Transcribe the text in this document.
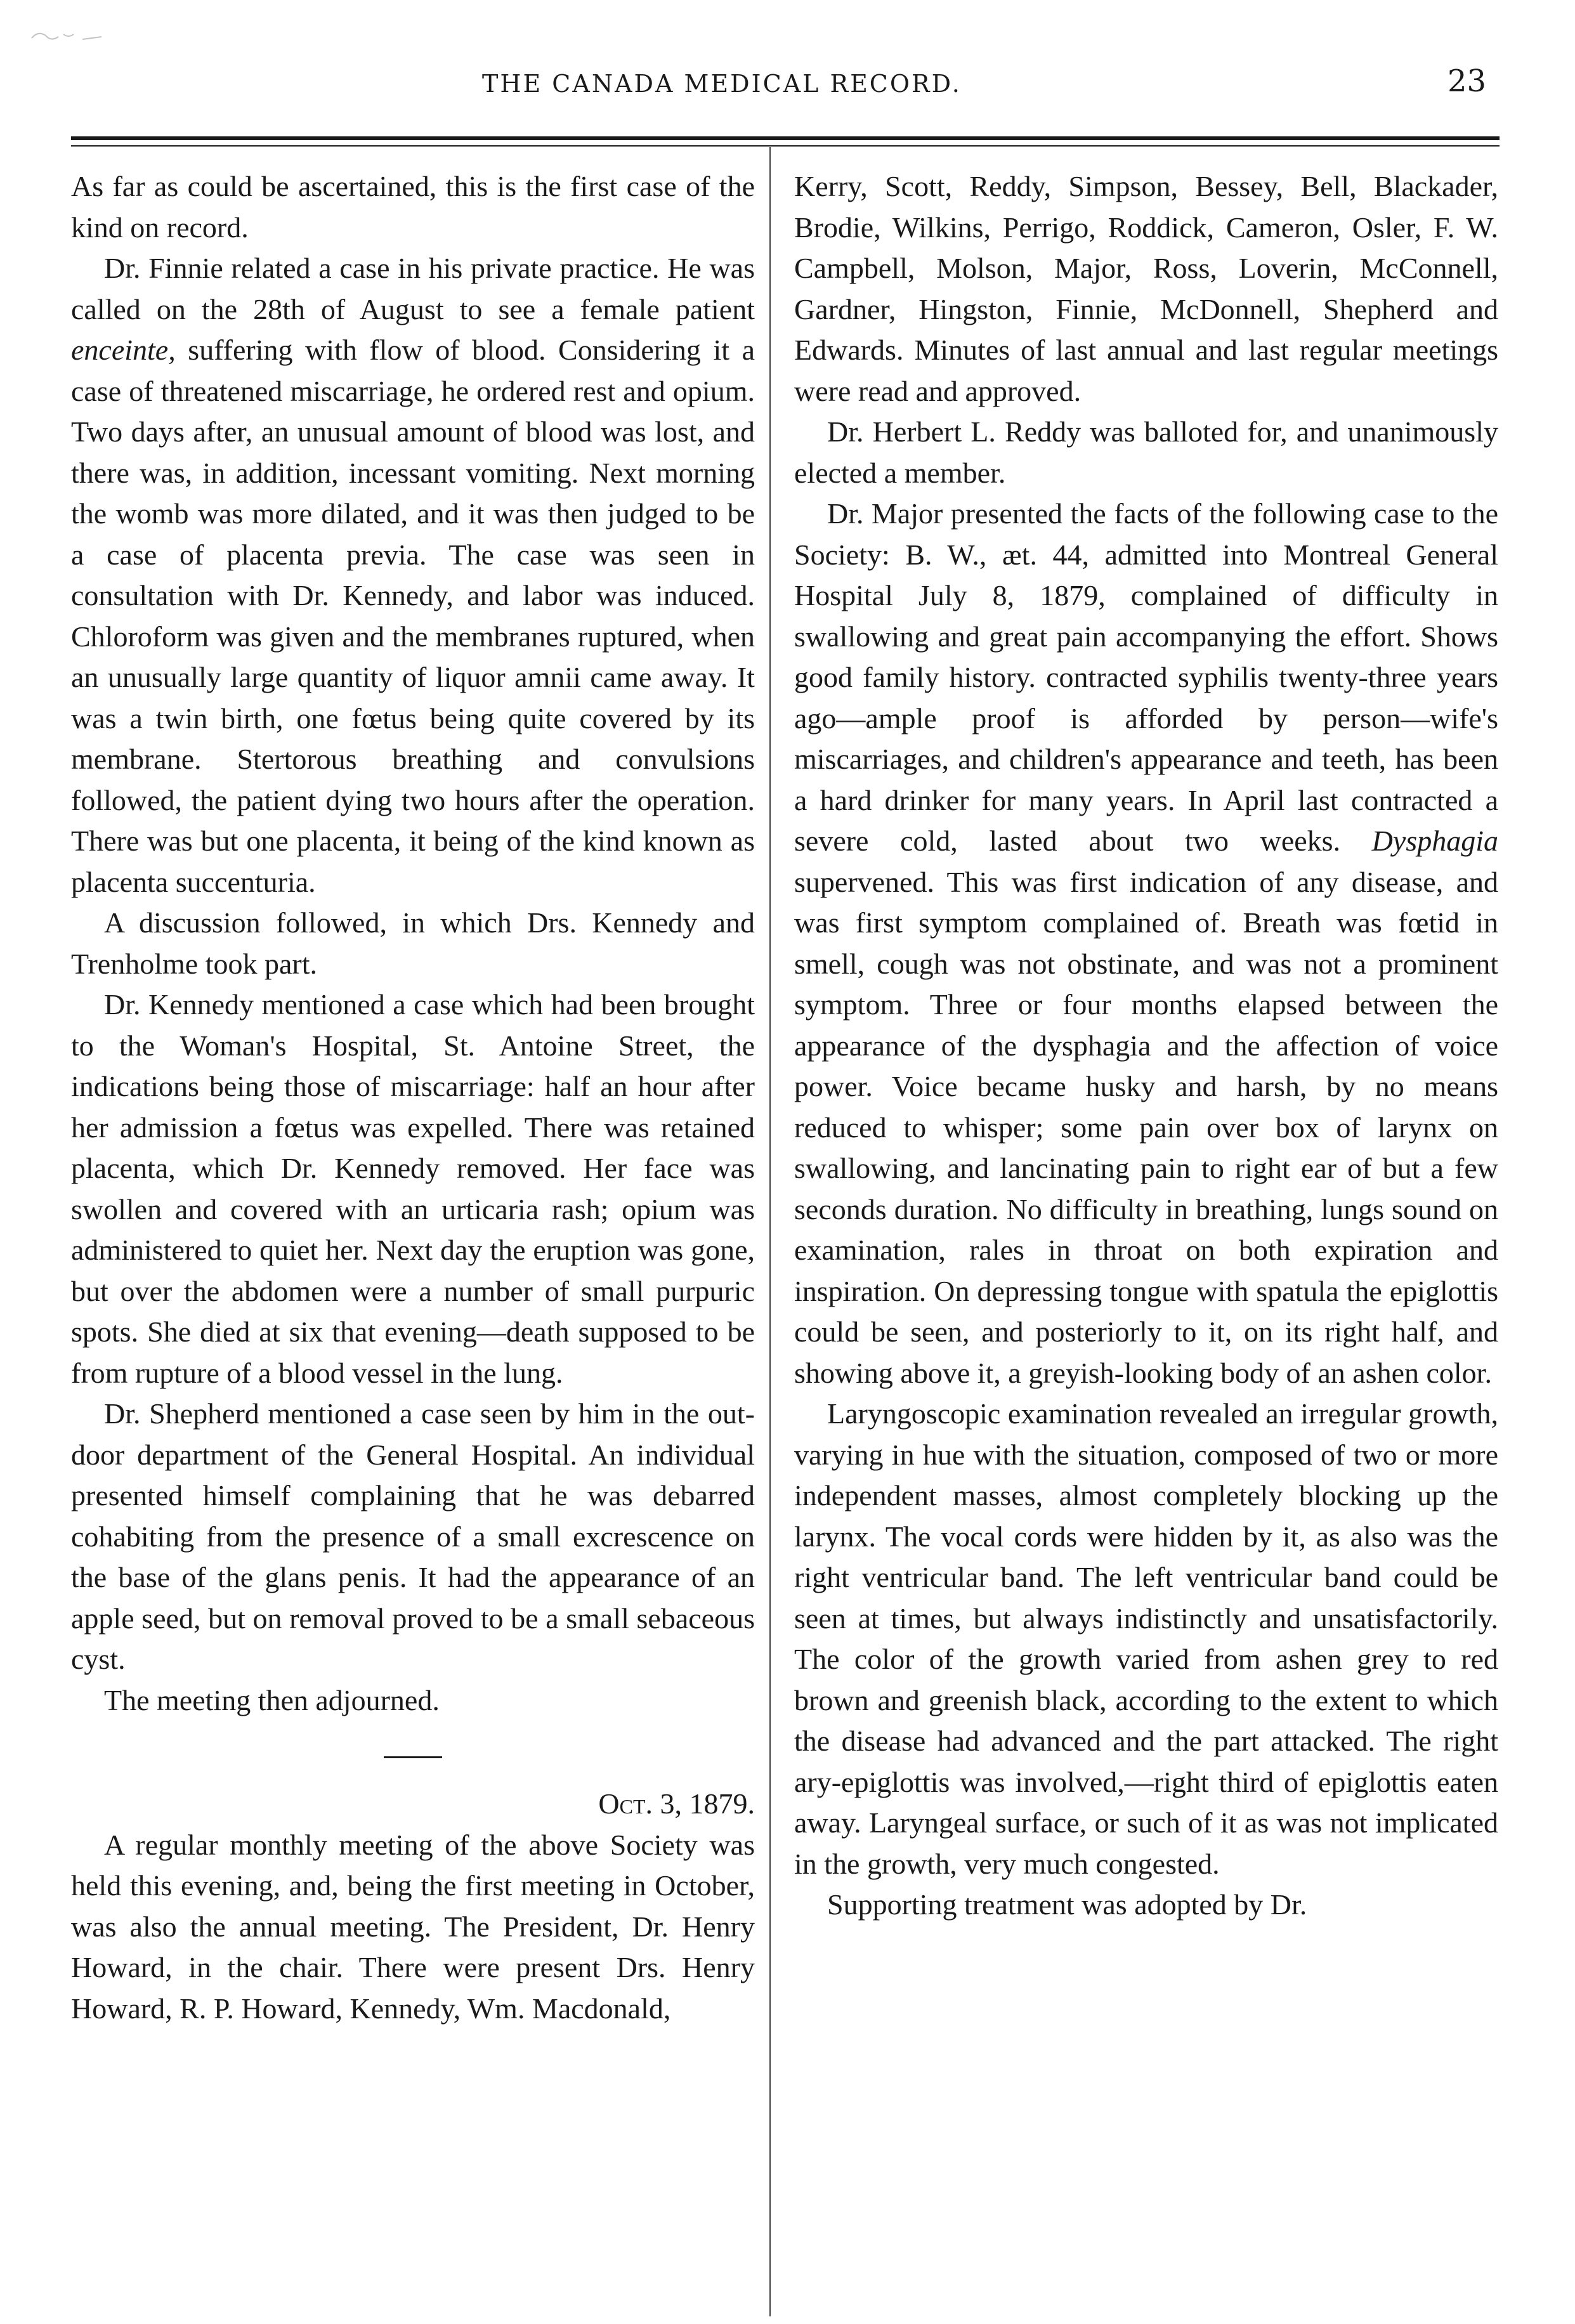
THE CANADA MEDICAL RECORD.	23

As far as could be ascertained, this is the first case of the kind on record.

Dr. Finnie related a case in his private practice. He was called on the 28th of August to see a female patient enceinte, suffering with flow of blood. Considering it a case of threatened miscarriage, he ordered rest and opium. Two days after, an unusual amount of blood was lost, and there was, in addition, incessant vomiting. Next morning the womb was more dilated, and it was then judged to be a case of placenta previa. The case was seen in consultation with Dr. Kennedy, and labor was induced. Chloroform was given and the membranes ruptured, when an unusually large quantity of liquor amnii came away. It was a twin birth, one fœtus being quite covered by its membrane. Stertorous breathing and convulsions followed, the patient dying two hours after the operation. There was but one placenta, it being of the kind known as placenta succenturia.

A discussion followed, in which Drs. Kennedy and Trenholme took part.

Dr. Kennedy mentioned a case which had been brought to the Woman's Hospital, St. Antoine Street, the indications being those of miscarriage: half an hour after her admission a fœtus was expelled. There was retained placenta, which Dr. Kennedy removed. Her face was swollen and covered with an urticaria rash; opium was administered to quiet her. Next day the eruption was gone, but over the abdomen were a number of small purpuric spots. She died at six that evening—death supposed to be from rupture of a blood vessel in the lung.

Dr. Shepherd mentioned a case seen by him in the out-door department of the General Hospital. An individual presented himself complaining that he was debarred cohabiting from the presence of a small excrescence on the base of the glans penis. It had the appearance of an apple seed, but on removal proved to be a small sebaceous cyst.

The meeting then adjourned.

Oct. 3, 1879.

A regular monthly meeting of the above Society was held this evening, and, being the first meeting in October, was also the annual meeting. The President, Dr. Henry Howard, in the chair. There were present Drs. Henry Howard, R. P. Howard, Kennedy, Wm. Macdonald,

Kerry, Scott, Reddy, Simpson, Bessey, Bell, Blackader, Brodie, Wilkins, Perrigo, Roddick, Cameron, Osler, F. W. Campbell, Molson, Major, Ross, Loverin, McConnell, Gardner, Hingston, Finnie, McDonnell, Shepherd and Edwards. Minutes of last annual and last regular meetings were read and approved.

Dr. Herbert L. Reddy was balloted for, and unanimously elected a member.

Dr. Major presented the facts of the following case to the Society: B. W., æt. 44, admitted into Montreal General Hospital July 8, 1879, complained of difficulty in swallowing and great pain accompanying the effort. Shows good family history. contracted syphilis twenty-three years ago—ample proof is afforded by person—wife's miscarriages, and children's appearance and teeth, has been a hard drinker for many years. In April last contracted a severe cold, lasted about two weeks. Dysphagia supervened. This was first indication of any disease, and was first symptom complained of. Breath was fœtid in smell, cough was not obstinate, and was not a prominent symptom. Three or four months elapsed between the appearance of the dysphagia and the affection of voice power. Voice became husky and harsh, by no means reduced to whisper; some pain over box of larynx on swallowing, and lancinating pain to right ear of but a few seconds duration. No difficulty in breathing, lungs sound on examination, rales in throat on both expiration and inspiration. On depressing tongue with spatula the epiglottis could be seen, and posteriorly to it, on its right half, and showing above it, a greyish-looking body of an ashen color.

Laryngoscopic examination revealed an irregular growth, varying in hue with the situation, composed of two or more independent masses, almost completely blocking up the larynx. The vocal cords were hidden by it, as also was the right ventricular band. The left ventricular band could be seen at times, but always indistinctly and unsatisfactorily. The color of the growth varied from ashen grey to red brown and greenish black, according to the extent to which the disease had advanced and the part attacked. The right ary-epiglottis was involved,—right third of epiglottis eaten away. Laryngeal surface, or such of it as was not implicated in the growth, very much congested.

Supporting treatment was adopted by Dr.
